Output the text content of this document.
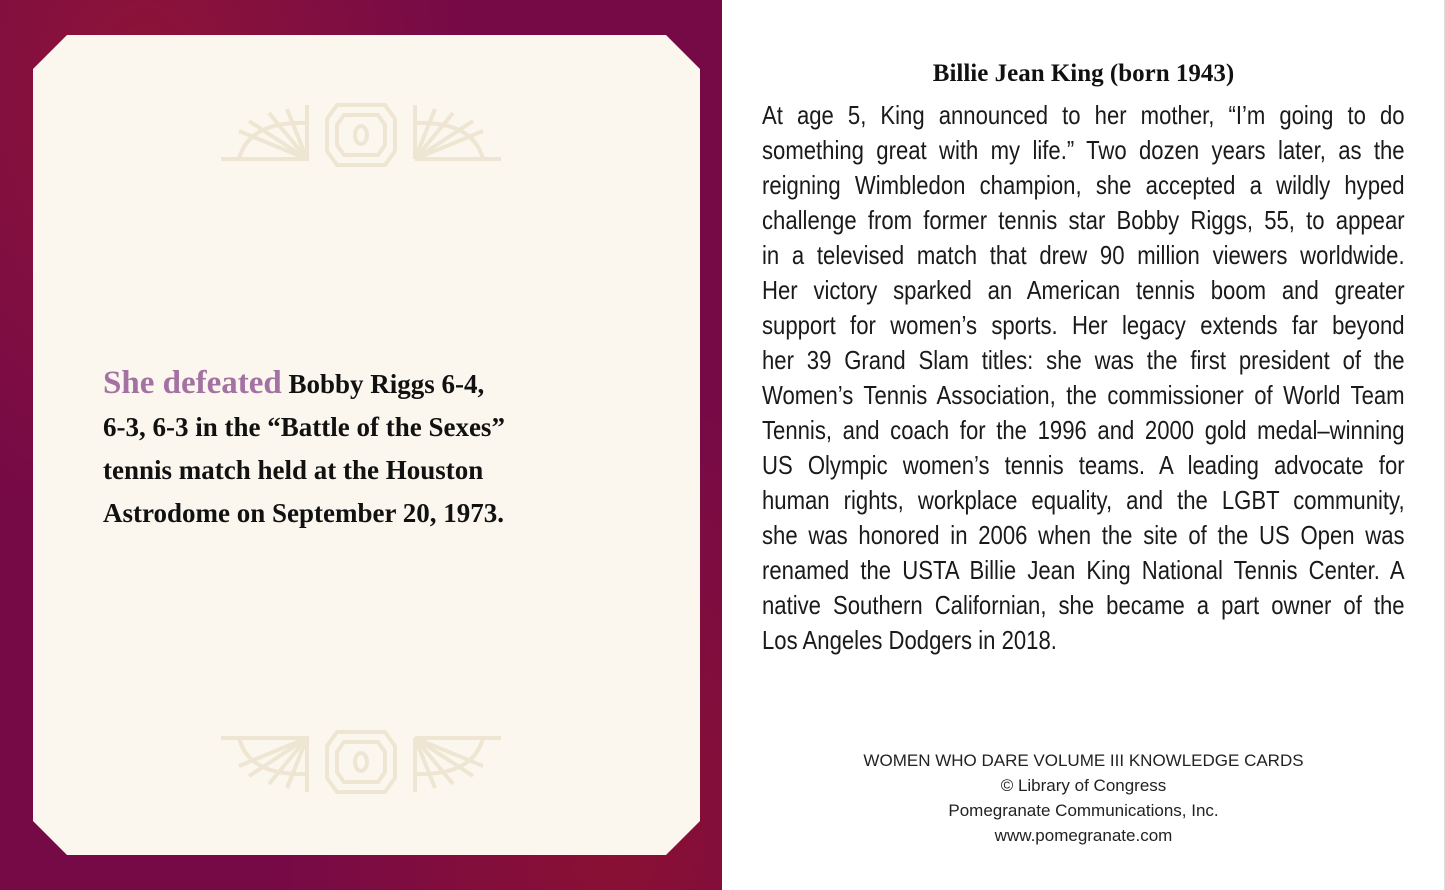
She defeated Bobby Riggs 6-4,
6-3, 6-3 in the “Battle of the Sexes”
tennis match held at the Houston
Astrodome on September 20, 1973.
Billie Jean King (born 1943)
At age 5, King announced to her mother, “I’m going to do
something great with my life.” Two dozen years later, as the
reigning Wimbledon champion, she accepted a wildly hyped
challenge from former tennis star Bobby Riggs, 55, to appear
in a televised match that drew 90 million viewers worldwide.
Her victory sparked an American tennis boom and greater
support for women’s sports. Her legacy extends far beyond
her 39 Grand Slam titles: she was the first president of the
Women’s Tennis Association, the commissioner of World Team
Tennis, and coach for the 1996 and 2000 gold medal–winning
US Olympic women’s tennis teams. A leading advocate for
human rights, workplace equality, and the LGBT community,
she was honored in 2006 when the site of the US Open was
renamed the USTA Billie Jean King National Tennis Center. A
native Southern Californian, she became a part owner of the
Los Angeles Dodgers in 2018.
WOMEN WHO DARE VOLUME III KNOWLEDGE CARDS
© Library of Congress
Pomegranate Communications, Inc.
www.pomegranate.com
